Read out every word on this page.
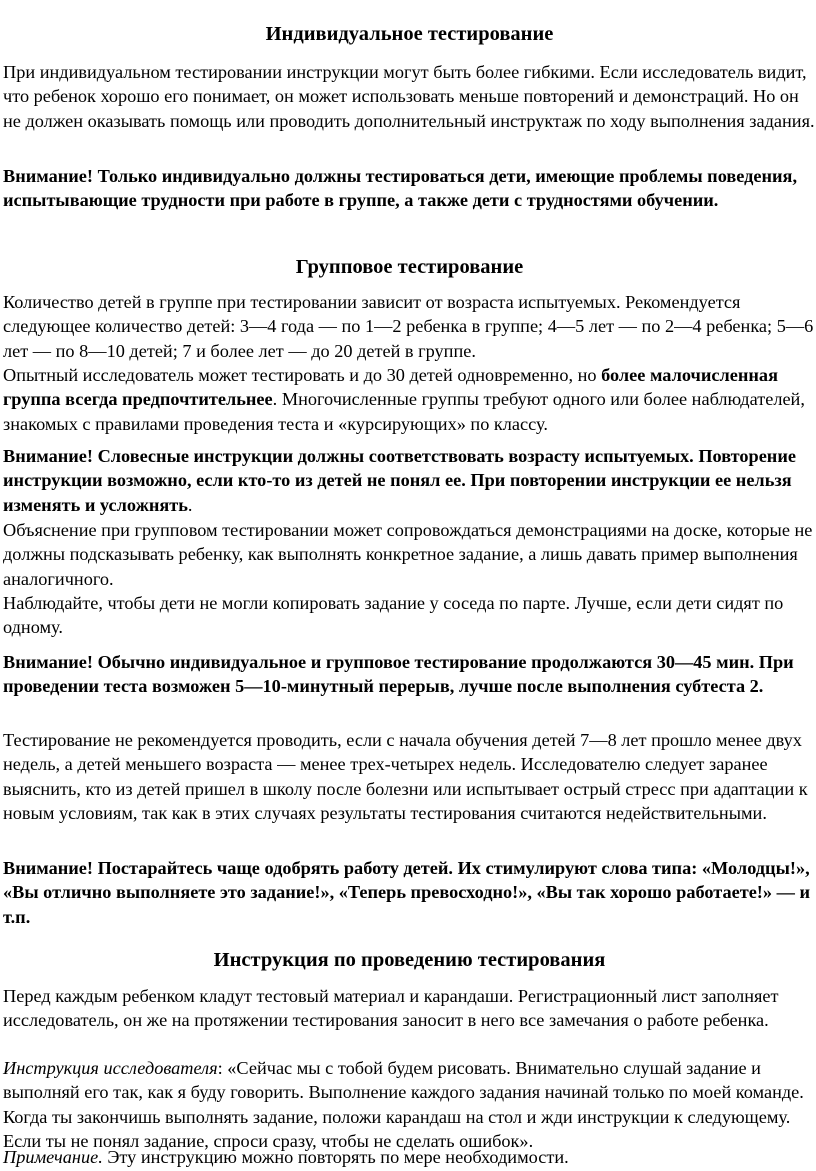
Индивидуальное тестирование

При индивидуальном тестировании инструкции могут быть более гибкими. Если исследователь видит, что ребенок хорошо его понимает, он может использовать меньше повторений и демонстраций. Но он не должен оказывать помощь или проводить дополнительный инструктаж по ходу выполнения задания.

Внимание! Только индивидуально должны тестироваться дети, имеющие проблемы поведения, испытывающие трудности при работе в группе, а также дети с трудностями обучении.

Групповое тестирование

Количество детей в группе при тестировании зависит от возраста испытуемых. Рекомендуется следующее количество детей: 3—4 года — по 1—2 ребенка в группе; 4—5 лет — по 2—4 ребенка; 5—6 лет — по 8—10 детей; 7 и более лет — до 20 детей в группе.

Опытный исследователь может тестировать и до 30 детей одновременно, но более малочисленная группа всегда предпочтительнее. Многочисленные группы требуют одного или более наблюдателей, знакомых с правилами проведения теста и «курсирующих» по классу.

Внимание! Словесные инструкции должны соответствовать возрасту испытуемых. Повторение инструкции возможно, если кто-то из детей не понял ее. При повторении инструкции ее нельзя изменять и усложнять.

Объяснение при групповом тестировании может сопровождаться демонстрациями на доске, которые не должны подсказывать ребенку, как выполнять конкретное задание, а лишь давать пример выполнения аналогичного.

Наблюдайте, чтобы дети не могли копировать задание у соседа по парте. Лучше, если дети сидят по одному.

Внимание! Обычно индивидуальное и групповое тестирование продолжаются 30—45 мин. При проведении теста возможен 5—10-минутный перерыв, лучше после выполнения субтеста 2.

Тестирование не рекомендуется проводить, если с начала обучения детей 7—8 лет прошло менее двух недель, а детей меньшего возраста — менее трех-четырех недель. Исследователю следует заранее выяснить, кто из детей пришел в школу после болезни или испытывает острый стресс при адаптации к новым условиям, так как в этих случаях результаты тестирования считаются недействительными.

Внимание! Постарайтесь чаще одобрять работу детей. Их стимулируют слова типа: «Молодцы!», «Вы отлично выполняете это задание!», «Теперь превосходно!», «Вы так хорошо работаете!» — и т.п.

Инструкция по проведению тестирования

Перед каждым ребенком кладут тестовый материал и карандаши. Регистрационный лист заполняет исследователь, он же на протяжении тестирования заносит в него все замечания о работе ребенка.

Инструкция исследователя: «Сейчас мы с тобой будем рисовать. Внимательно слушай задание и выполняй его так, как я буду говорить. Выполнение каждого задания начинай только по моей команде. Когда ты закончишь выполнять задание, положи карандаш на стол и жди инструкции к следующему. Если ты не понял задание, спроси сразу, чтобы не сделать ошибок».

Примечание. Эту инструкцию можно повторять по мере необходимости.
